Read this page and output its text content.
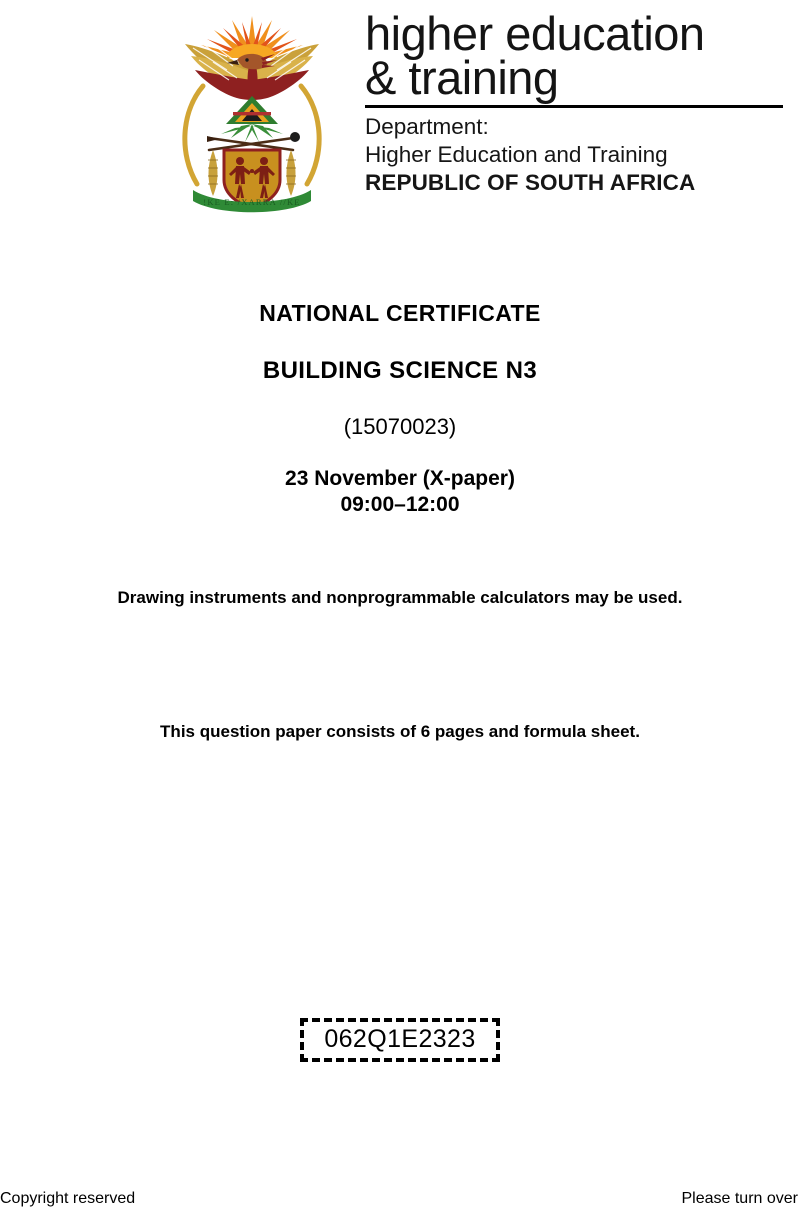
!KE E: /XARRA //KE
higher education
& training
Department:
Higher Education and Training
REPUBLIC OF SOUTH AFRICA
NATIONAL CERTIFICATE
BUILDING SCIENCE N3
(15070023)
23 November (X-paper)
09:00–12:00
Drawing instruments and nonprogrammable calculators may be used.
This question paper consists of 6 pages and formula sheet.
062Q1E2323
Copyright reserved	Please turn over
